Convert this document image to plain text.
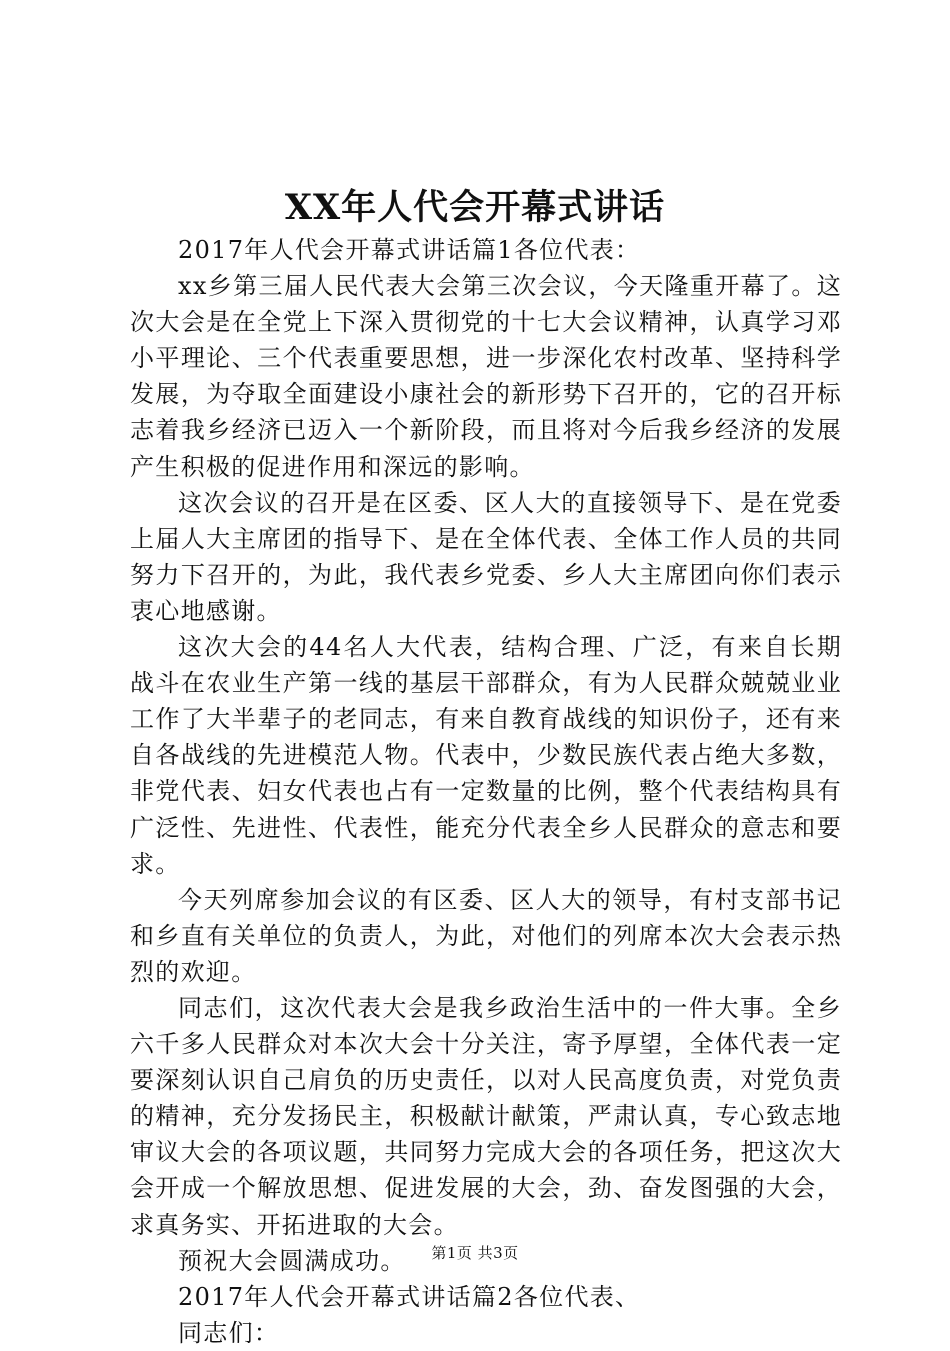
XX年人代会开幕式讲话

2017年人代会开幕式讲话篇1各位代表：

xx乡第三届人民代表大会第三次会议，今天隆重开幕了。这次大会是在全党上下深入贯彻党的十七大会议精神，认真学习邓小平理论、三个代表重要思想，进一步深化农村改革、坚持科学发展，为夺取全面建设小康社会的新形势下召开的，它的召开标志着我乡经济已迈入一个新阶段，而且将对今后我乡经济的发展产生积极的促进作用和深远的影响。

这次会议的召开是在区委、区人大的直接领导下、是在党委上届人大主席团的指导下、是在全体代表、全体工作人员的共同努力下召开的，为此，我代表乡党委、乡人大主席团向你们表示衷心地感谢。

这次大会的44名人大代表，结构合理、广泛，有来自长期战斗在农业生产第一线的基层干部群众，有为人民群众兢兢业业工作了大半辈子的老同志，有来自教育战线的知识份子，还有来自各战线的先进模范人物。代表中，少数民族代表占绝大多数，非党代表、妇女代表也占有一定数量的比例，整个代表结构具有广泛性、先进性、代表性，能充分代表全乡人民群众的意志和要求。

今天列席参加会议的有区委、区人大的领导，有村支部书记和乡直有关单位的负责人，为此，对他们的列席本次大会表示热烈的欢迎。

同志们，这次代表大会是我乡政治生活中的一件大事。全乡六千多人民群众对本次大会十分关注，寄予厚望，全体代表一定要深刻认识自己肩负的历史责任，以对人民高度负责，对党负责的精神，充分发扬民主，积极献计献策，严肃认真，专心致志地审议大会的各项议题，共同努力完成大会的各项任务，把这次大会开成一个解放思想、促进发展的大会，劲、奋发图强的大会，求真务实、开拓进取的大会。

预祝大会圆满成功。

2017年人代会开幕式讲话篇2各位代表、

同志们：

第1页 共3页
